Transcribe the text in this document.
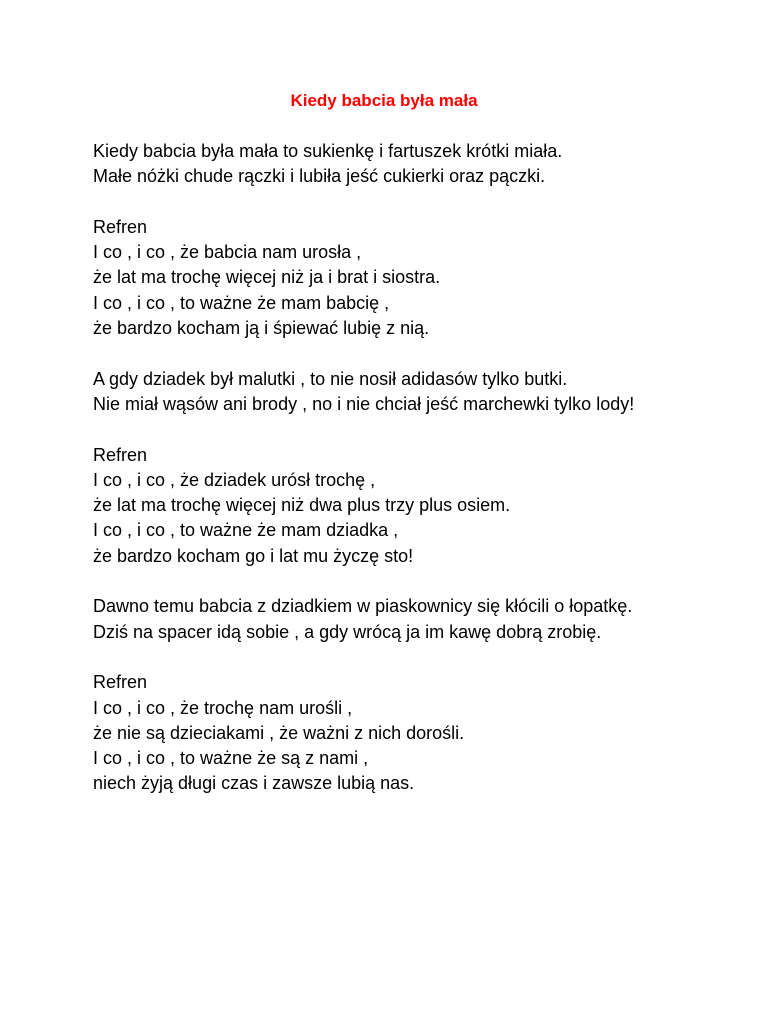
Kiedy babcia była mała
Kiedy babcia była mała to sukienkę i fartuszek krótki miała.
Małe nóżki chude rączki i lubiła jeść cukierki oraz pączki.
Refren
I co , i co , że babcia nam urosła ,
że lat ma trochę więcej niż ja i brat i siostra.
I co , i co , to ważne że mam babcię ,
że bardzo kocham ją i śpiewać lubię z nią.
A gdy dziadek był malutki , to nie nosił adidasów tylko butki.
Nie miał wąsów ani brody , no i nie chciał jeść marchewki tylko lody!
Refren
I co , i co , że dziadek urósł trochę ,
że lat ma trochę więcej niż dwa plus trzy plus osiem.
I co , i co , to ważne że mam dziadka ,
że bardzo kocham go i lat mu życzę sto!
Dawno temu babcia z dziadkiem w piaskownicy się kłócili o łopatkę.
Dziś na spacer idą sobie , a gdy wrócą ja im kawę dobrą zrobię.
Refren
I co , i co , że trochę nam urośli ,
że nie są dzieciakami , że ważni z nich dorośli.
I co , i co , to ważne że są z nami ,
niech żyją długi czas i zawsze lubią nas.
